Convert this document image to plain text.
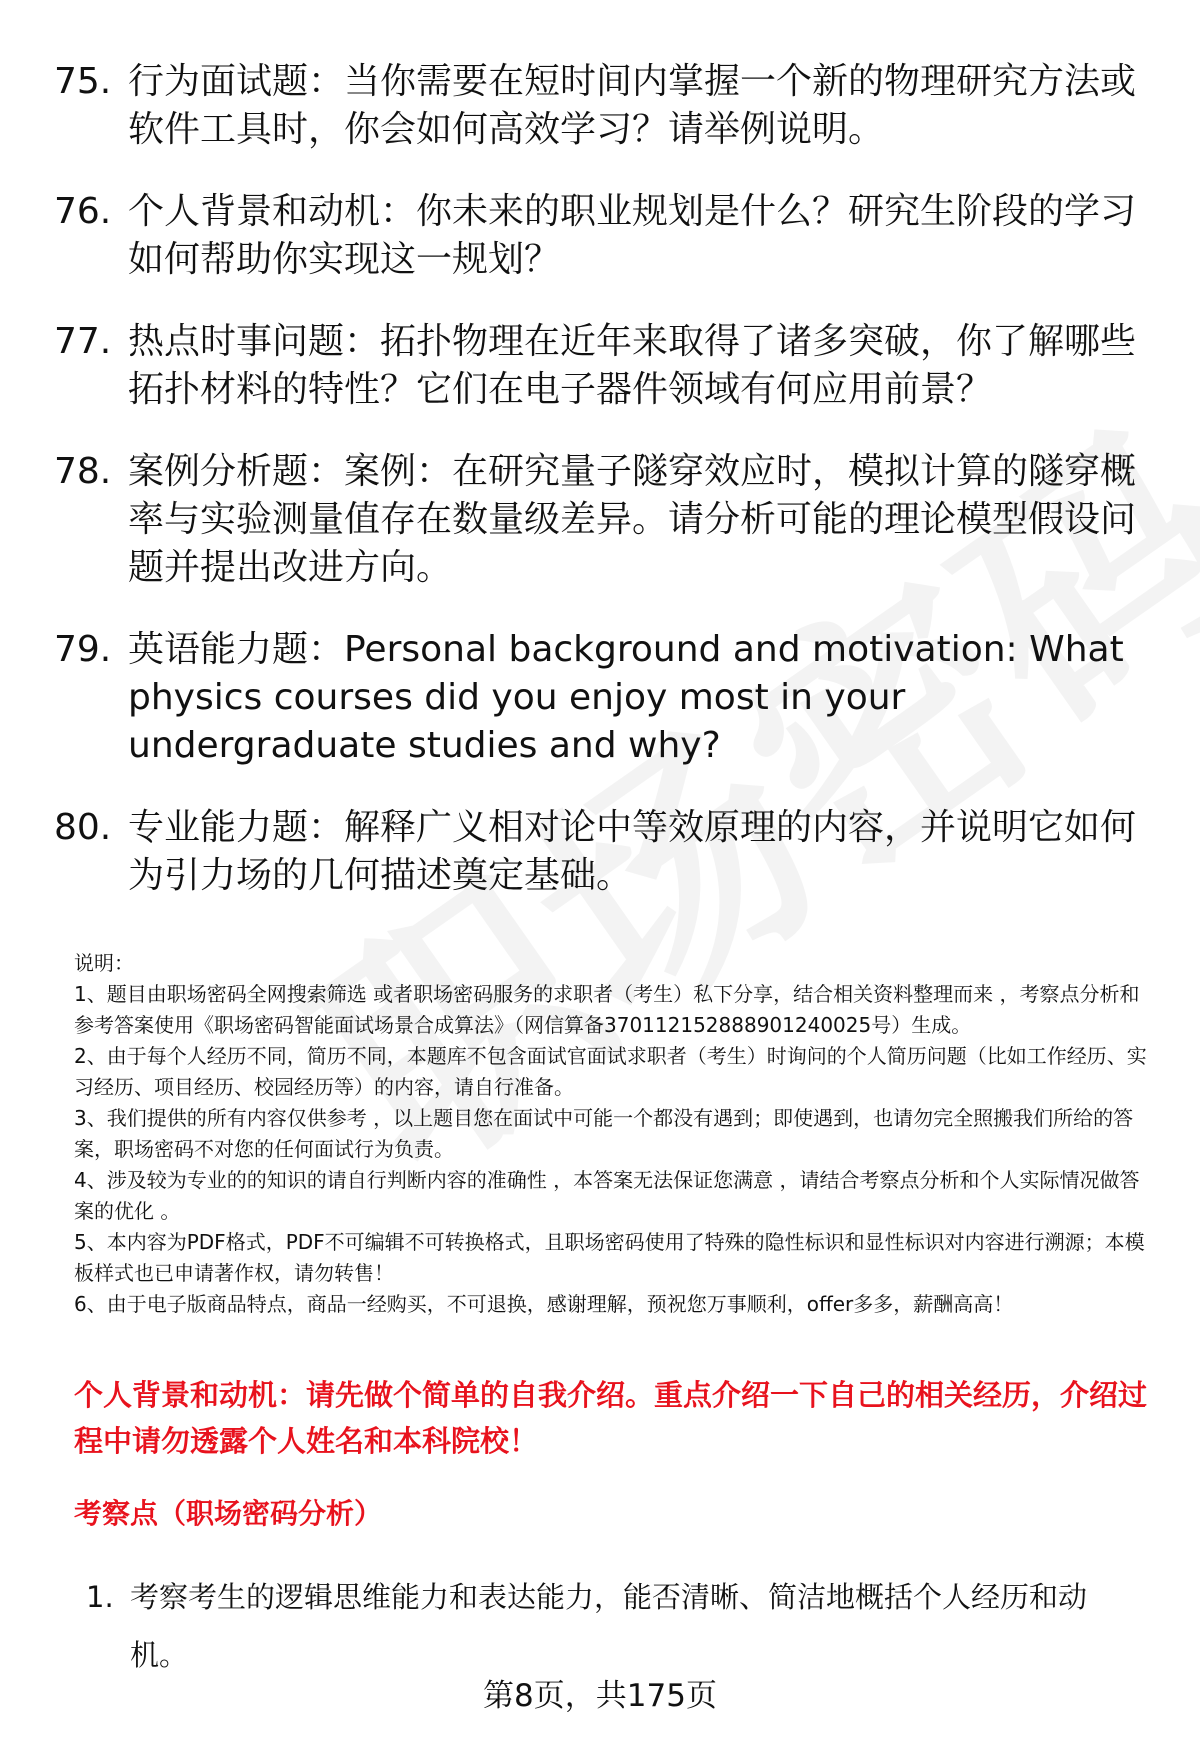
75. 行为面试题：当你需要在短时间内掌握一个新的物理研究方法或软件工具时，你会如何高效学习？请举例说明。
76. 个人背景和动机：你未来的职业规划是什么？研究生阶段的学习如何帮助你实现这一规划？
77. 热点时事问题：拓扑物理在近年来取得了诸多突破，你了解哪些拓扑材料的特性？它们在电子器件领域有何应用前景？
78. 案例分析题：案例：在研究量子隧穿效应时，模拟计算的隧穿概率与实验测量值存在数量级差异。请分析可能的理论模型假设问题并提出改进方向。
79. 英语能力题：Personal background and motivation: What physics courses did you enjoy most in your undergraduate studies and why?
80. 专业能力题：解释广义相对论中等效原理的内容，并说明它如何为引力场的几何描述奠定基础。

说明：

1、题目由职场密码全网搜索筛选 或者职场密码服务的求职者（考生）私下分享，结合相关资料整理而来 ，考察点分析和参考答案使用《职场密码智能面试场景合成算法》（网信算备370112152888901240025号）生成。

2、由于每个人经历不同，简历不同，本题库不包含面试官面试求职者（考生）时询问的个人简历问题（比如工作经历、实习经历、项目经历、校园经历等）的内容，请自行准备。

3、我们提供的所有内容仅供参考 ，以上题目您在面试中可能一个都没有遇到；即使遇到，也请勿完全照搬我们所给的答案，职场密码不对您的任何面试行为负责。

4、涉及较为专业的的知识的请自行判断内容的准确性 ，本答案无法保证您满意 ，请结合考察点分析和个人实际情况做答案的优化 。

5、本内容为PDF格式，PDF不可编辑不可转换格式，且职场密码使用了特殊的隐性标识和显性标识对内容进行溯源；本模板样式也已申请著作权，请勿转售！

6、由于电子版商品特点，商品一经购买，不可退换，感谢理解，预祝您万事顺利，offer多多，薪酬高高！

个人背景和动机：请先做个简单的自我介绍。重点介绍一下自己的相关经历，介绍过程中请勿透露个人姓名和本科院校！
考察点（职场密码分析）
1. 考察考生的逻辑思维能力和表达能力，能否清晰、简洁地概括个人经历和动机。
第8页，共175页
